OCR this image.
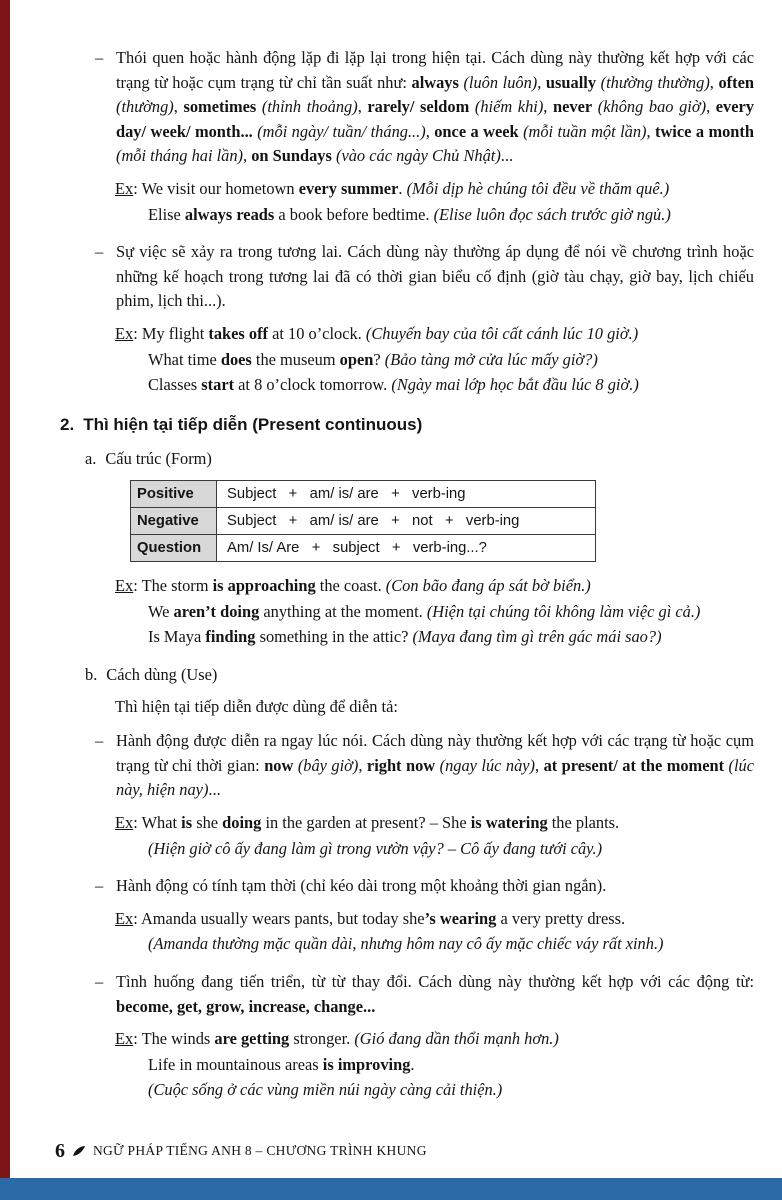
– Thói quen hoặc hành động lặp đi lặp lại trong hiện tại. Cách dùng này thường kết hợp với các trạng từ hoặc cụm trạng từ chỉ tần suất như: always (luôn luôn), usually (thường thường), often (thường), sometimes (thỉnh thoảng), rarely/ seldom (hiếm khi), never (không bao giờ), every day/ week/ month... (mỗi ngày/ tuần/ tháng...), once a week (mỗi tuần một lần), twice a month (mỗi tháng hai lần), on Sundays (vào các ngày Chủ Nhật)...

Ex: We visit our hometown every summer. (Mỗi dịp hè chúng tôi đều về thăm quê.)

Elise always reads a book before bedtime. (Elise luôn đọc sách trước giờ ngủ.)

– Sự việc sẽ xảy ra trong tương lai. Cách dùng này thường áp dụng để nói về chương trình hoặc những kế hoạch trong tương lai đã có thời gian biểu cố định (giờ tàu chạy, giờ bay, lịch chiếu phim, lịch thi...).

Ex: My flight takes off at 10 o’clock. (Chuyến bay của tôi cất cánh lúc 10 giờ.)

What time does the museum open? (Bảo tàng mở cửa lúc mấy giờ?)

Classes start at 8 o’clock tomorrow. (Ngày mai lớp học bắt đầu lúc 8 giờ.)

2. Thì hiện tại tiếp diễn (Present continuous)
a. Cấu trúc (Form)
Positive	Subject   +   am/ is/ are   +   verb-ing
Negative	Subject   +   am/ is/ are   +   not   +   verb-ing
Question	Am/ Is/ Are   +   subject   +   verb-ing...?

Ex: The storm is approaching the coast. (Con bão đang áp sát bờ biển.)

We aren’t doing anything at the moment. (Hiện tại chúng tôi không làm việc gì cả.)

Is Maya finding something in the attic? (Maya đang tìm gì trên gác mái sao?)

b. Cách dùng (Use)

Thì hiện tại tiếp diễn được dùng để diễn tả:

– Hành động được diễn ra ngay lúc nói. Cách dùng này thường kết hợp với các trạng từ hoặc cụm trạng từ chỉ thời gian: now (bây giờ), right now (ngay lúc này), at present/ at the moment (lúc này, hiện nay)...

Ex: What is she doing in the garden at present? – She is watering the plants.

(Hiện giờ cô ấy đang làm gì trong vườn vậy? – Cô ấy đang tưới cây.)

– Hành động có tính tạm thời (chỉ kéo dài trong một khoảng thời gian ngắn).

Ex: Amanda usually wears pants, but today she’s wearing a very pretty dress.

(Amanda thường mặc quần dài, nhưng hôm nay cô ấy mặc chiếc váy rất xinh.)

– Tình huống đang tiến triển, từ từ thay đổi. Cách dùng này thường kết hợp với các động từ: become, get, grow, increase, change...

Ex: The winds are getting stronger. (Gió đang dần thổi mạnh hơn.)

Life in mountainous areas is improving.

(Cuộc sống ở các vùng miền núi ngày càng cải thiện.)

6 NGỮ PHÁP TIẾNG ANH 8 – CHƯƠNG TRÌNH KHUNG
